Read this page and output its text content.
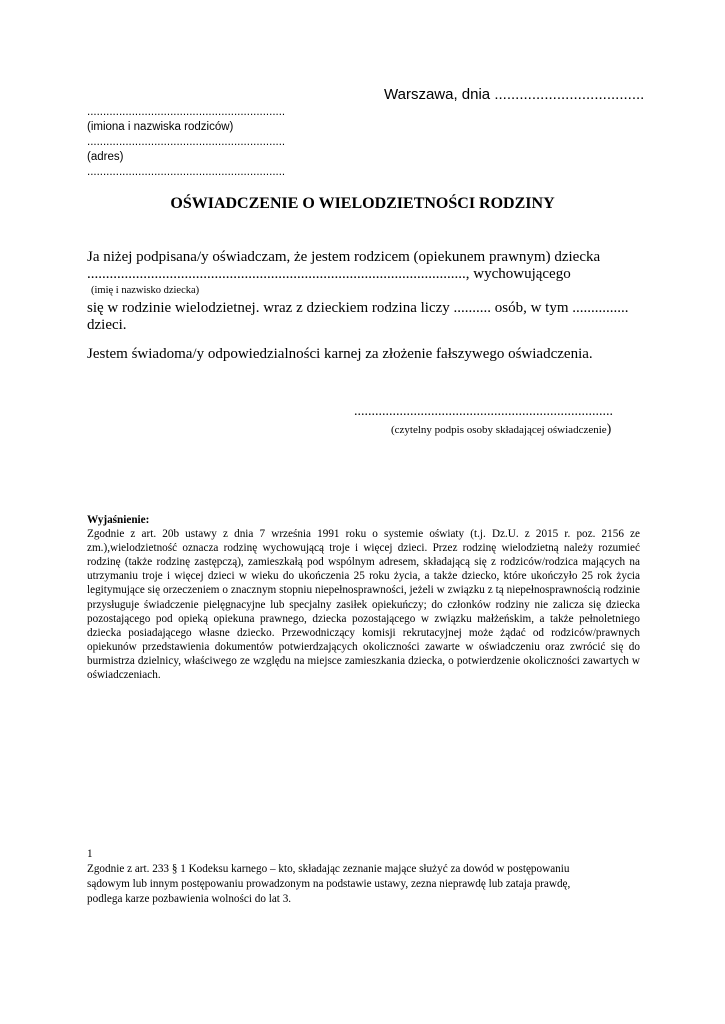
Warszawa, dnia ....................................
..............................................................
(imiona i nazwiska rodziców)
..............................................................
(adres)
..............................................................
OŚWIADCZENIE O WIELODZIETNOŚCI RODZINY
Ja niżej podpisana/y oświadczam, że jestem rodzicem (opiekunem prawnym) dziecka
....................................................................................................., wychowującego
(imię i nazwisko dziecka)
się w rodzinie wielodzietnej. wraz z dzieckiem rodzina liczy .......... osób, w tym ...............
dzieci.
Jestem świadoma/y odpowiedzialności karnej za złożenie fałszywego oświadczenia.
..........................................................................
(czytelny podpis osoby składającej oświadczenie)
Wyjaśnienie:
Zgodnie z art. 20b ustawy z dnia 7 września 1991 roku o systemie oświaty (t.j. Dz.U. z 2015 r. poz. 2156 ze zm.),wielodzietność oznacza rodzinę wychowującą troje i więcej dzieci. Przez rodzinę wielodzietną należy rozumieć rodzinę (także rodzinę zastępczą), zamieszkałą pod wspólnym adresem, składającą się z rodziców/rodzica mających na utrzymaniu troje i więcej dzieci w wieku do ukończenia 25 roku życia, a także dziecko, które ukończyło 25 rok życia legitymujące się orzeczeniem o znacznym stopniu niepełnosprawności, jeżeli w związku z tą niepełnosprawnością rodzinie przysługuje świadczenie pielęgnacyjne lub specjalny zasiłek opiekuńczy; do członków rodziny nie zalicza się dziecka pozostającego pod opieką opiekuna prawnego, dziecka pozostającego w związku małżeńskim, a także pełnoletniego dziecka posiadającego własne dziecko. Przewodniczący komisji rekrutacyjnej może żądać od rodziców/prawnych opiekunów przedstawienia dokumentów potwierdzających okoliczności zawarte w oświadczeniu oraz zwrócić się do burmistrza dzielnicy, właściwego ze względu na miejsce zamieszkania dziecka, o potwierdzenie okoliczności zawartych w oświadczeniach.
1
Zgodnie z art. 233 § 1 Kodeksu karnego – kto, składając zeznanie mające służyć za dowód w postępowaniu
sądowym lub innym postępowaniu prowadzonym na podstawie ustawy, zezna nieprawdę lub zataja prawdę,
podlega karze pozbawienia wolności do lat 3.
